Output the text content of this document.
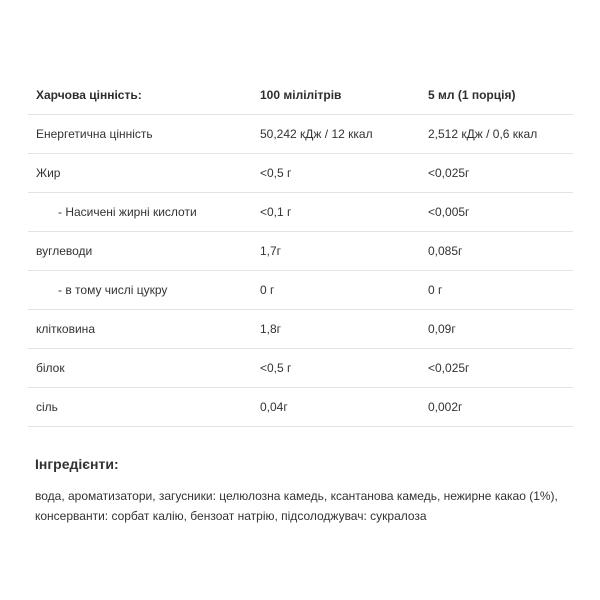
Харчова цінність:	100 мілілітрів	5 мл (1 порція)
Енергетична цінність	50,242 кДж / 12 ккал	2,512 кДж / 0,6 ккал
Жир	<0,5 г	<0,025г
- Насичені жирні кислоти	<0,1 г	<0,005г
вуглеводи	1,7г	0,085г
- в тому числі цукру	0 г	0 г
клітковина	1,8г	0,09г
білок	<0,5 г	<0,025г
сіль	0,04г	0,002г
Інгредієнти:

вода, ароматизатори, загусники: целюлозна камедь, ксантанова камедь, нежирне какао (1%), консерванти: сорбат калію, бензоат натрію, підсолоджувач: сукралоза
